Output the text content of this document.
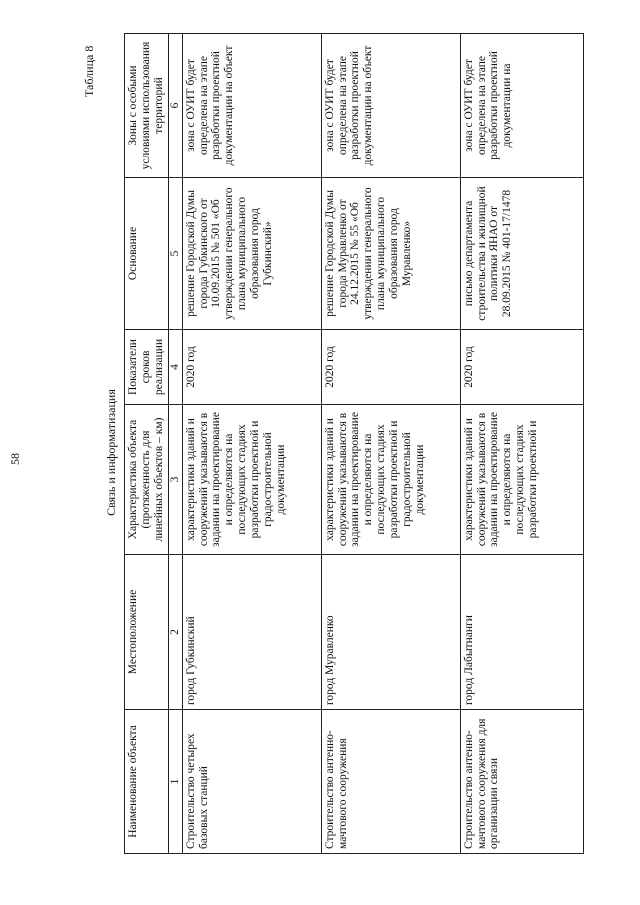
58
Таблица 8
Связь и информатизация
Наименование объекта	Местоположение	Характеристика объекта (протяженность для линейных объектов – км)	Показатели сроков реализации	Основание	Зоны с особыми условиями использования территорий
1	2	3	4	5	6
Строительство четырех базовых станций	город Губкинский	характеристики зданий и сооружений указываются в задании на проектирование и определяются на последующих стадиях разработки проектной и градостроительной документации	2020 год	решение Городской Думы города Губкинского от 10.09.2015 № 501 «Об утверждении генерального плана муниципального образования город Губкинский»	зона с ОУИТ будет определена на этапе разработки проектной документации на объект
Строительство антенно-мачтового сооружения	город Муравленко	характеристики зданий и сооружений указываются в задании на проектирование и определяются на последующих стадиях разработки проектной и градостроительной документации	2020 год	решение Городской Думы города Муравленко от 24.12.2015 № 55 «Об утверждении генерального плана муниципального образования город Муравленко»	зона с ОУИТ будет определена на этапе разработки проектной документации на объект
Строительство антенно-мачтового сооружения для организации связи	город Лабытнанги	характеристики зданий и сооружений указываются в задании на проектирование и определяются на последующих стадиях разработки проектной и	2020 год	письмо департамента строительства и жилищной политики ЯНАО от 28.09.2015 № 401-17/1478	зона с ОУИТ будет определена на этапе разработки проектной документации на
